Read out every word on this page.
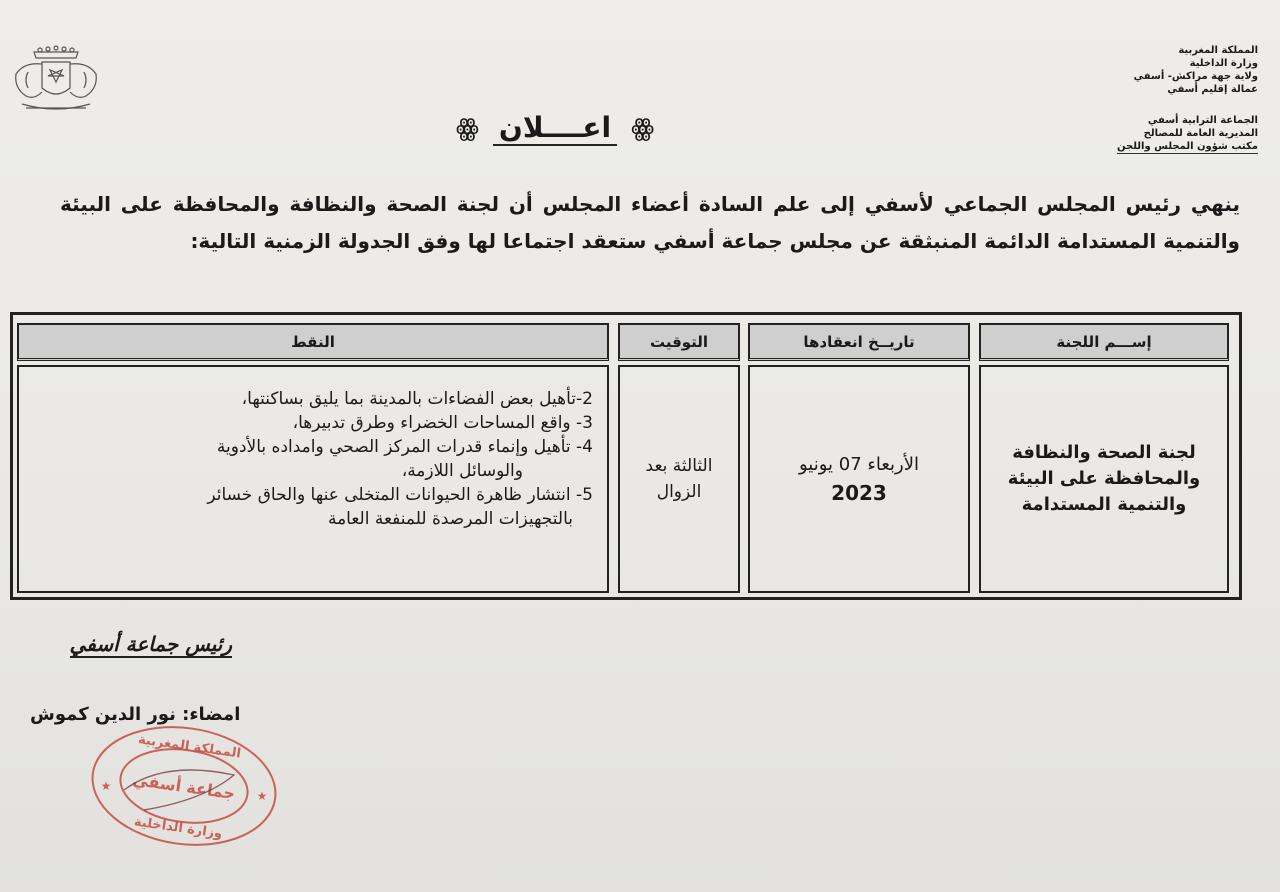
المملكة المغربية
وزارة الداخلية
ولاية جهة مراكش- أسفي
عمالة إقليم أسفي
الجماعة الترابية أسفي
المديرية العامة للمصالح
مكتب شؤون المجلس واللجن
ꙮ
اعــــلان
ꙮ
ينهي رئيس المجلس الجماعي لأسفي إلى علم السادة أعضاء المجلس أن لجنة الصحة والنظافة والمحافظة على البيئة والتنمية المستدامة الدائمة المنبثقة عن مجلس جماعة أسفي ستعقد اجتماعا لها وفق الجدولة الزمنية التالية:
إســـم اللجنة
تاريــخ انعقادها
التوقيت
النقط
لجنة الصحة والنظافة والمحافظة على البيئة والتنمية المستدامة
الأربعاء 07 يونيو
2023
الثالثة بعد
الزوال
2-تأهيل بعض الفضاءات بالمدينة بما يليق بساكنتها،
3- واقع المساحات الخضراء وطرق تدبيرها،
4- تأهيل وإنماء قدرات المركز الصحي وامداده بالأدوية
والوسائل اللازمة،
5- انتشار ظاهرة الحيوانات المتخلى عنها والحاق خسائر
بالتجهيزات المرصدة للمنفعة العامة
رئيس جماعة أسفي
امضاء: نور الدين كموش
المملكة المغربية
جماعة أسفي
وزارة الداخلية
★
★
